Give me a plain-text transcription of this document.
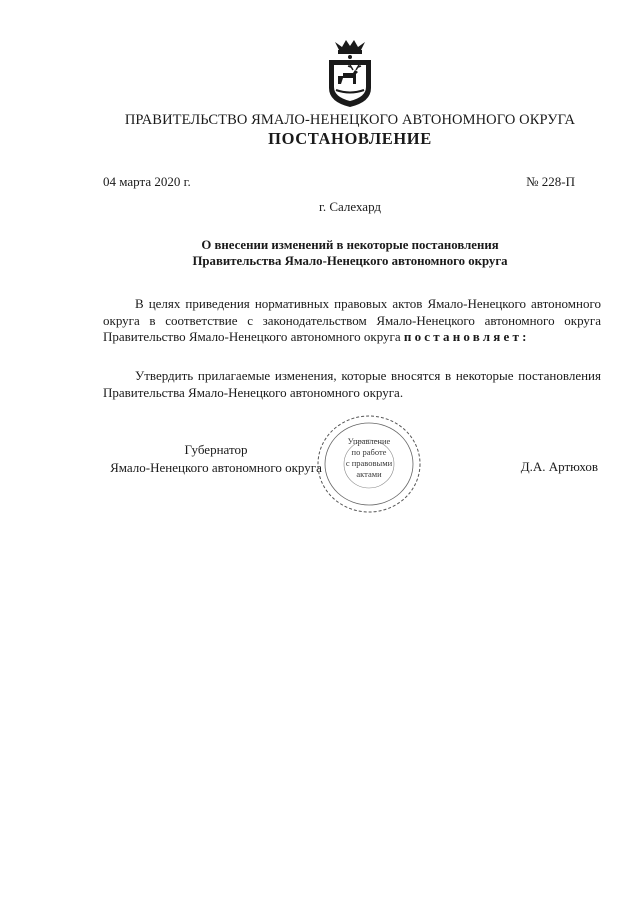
ПРАВИТЕЛЬСТВО ЯМАЛО-НЕНЕЦКОГО АВТОНОМНОГО ОКРУГА
ПОСТАНОВЛЕНИЕ
04 марта 2020 г.	№ 228-П
г. Салехард
О внесении изменений в некоторые постановления
Правительства Ямало-Ненецкого автономного округа
В целях приведения нормативных правовых актов Ямало-Ненецкого автономного округа в соответствие с законодательством Ямало-Ненецкого автономного округа Правительство Ямало-Ненецкого автономного округа постановляет:
Утвердить прилагаемые изменения, которые вносятся в некоторые постановления Правительства Ямало-Ненецкого автономного округа.
Губернатор
Ямало-Ненецкого автономного округа
Управление
по работе
с правовыми
актами	Д.А. Артюхов
